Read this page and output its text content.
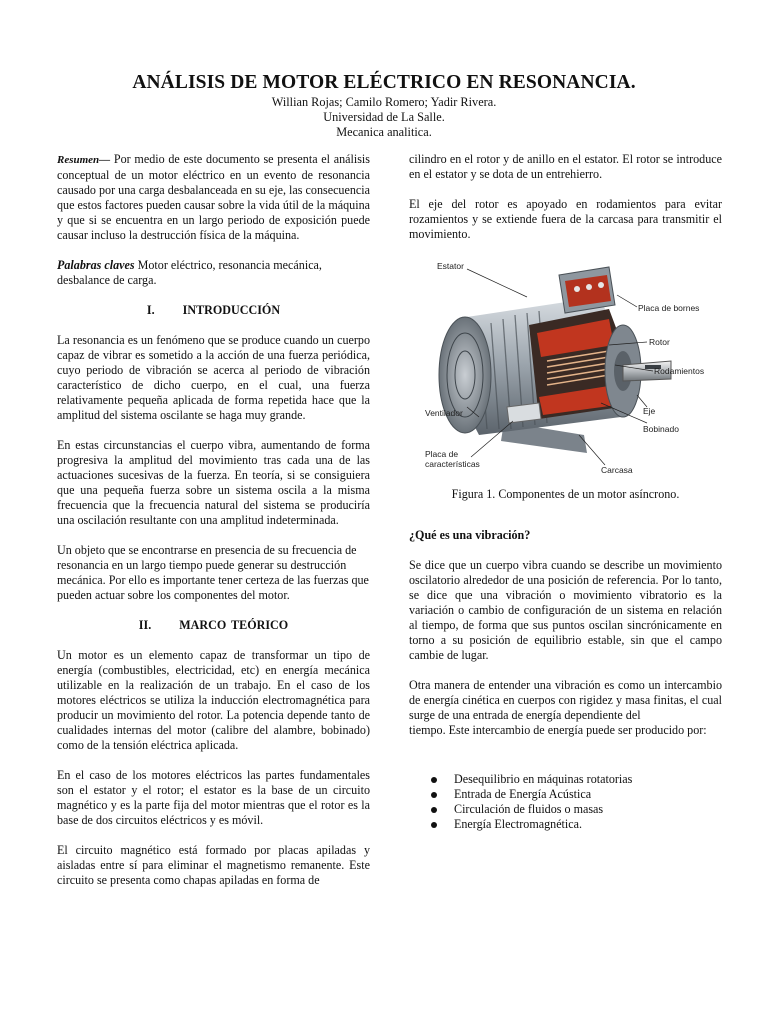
ANÁLISIS DE MOTOR ELÉCTRICO EN RESONANCIA.
Willian Rojas; Camilo Romero; Yadir Rivera.
Universidad de La Salle.
Mecanica analitica.

Resumen— Por medio de este documento se presenta el análisis conceptual de un motor eléctrico en un evento de resonancia causado por una carga desbalanceada en su eje, las consecuencia que estos factores pueden causar sobre la vida útil de la máquina y que si se encuentra en un largo periodo de exposición puede causar incluso la destrucción física de la máquina.

Palabras claves Motor eléctrico, resonancia mecánica, desbalance de carga.

I. INTRODUCCIÓN

La resonancia es un fenómeno que se produce cuando un cuerpo capaz de vibrar es sometido a la acción de una fuerza periódica, cuyo periodo de vibración se acerca al periodo de vibración característico de dicho cuerpo, en el cual, una fuerza relativamente pequeña aplicada de forma repetida hace que la amplitud del sistema oscilante se haga muy grande.

En estas circunstancias el cuerpo vibra, aumentando de forma progresiva la amplitud del movimiento tras cada una de las actuaciones sucesivas de la fuerza. En teoría, si se consiguiera que una pequeña fuerza sobre un sistema oscila a la misma frecuencia que la frecuencia natural del sistema se produciría una oscilación resultante con una amplitud indeterminada.

Un objeto que se encontrarse en presencia de su frecuencia de resonancia en un largo tiempo puede generar su destrucción mecánica. Por ello es importante tener certeza de las fuerzas que pueden actuar sobre los componentes del motor.

II. MARCO TEÓRICO

Un motor es un elemento capaz de transformar un tipo de energía (combustibles, electricidad, etc) en energía mecánica utilizable en la realización de un trabajo. En el caso de los motores eléctricos se utiliza la inducción electromagnética para producir un movimiento del rotor. La potencia depende tanto de cualidades internas del motor (calibre del alambre, bobinado) como de la tensión eléctrica aplicada.

En el caso de los motores eléctricos las partes fundamentales son el estator y el rotor; el estator es la base de un circuito magnético y es la parte fija del motor mientras que el rotor es la base de dos circuitos eléctricos y es móvil.

El circuito magnético está formado por placas apiladas y aisladas entre sí para eliminar el magnetismo remanente. Este circuito se presenta como chapas apiladas en forma de

cilindro en el rotor y de anillo en el estator. El rotor se introduce en el estator y se dota de un entrehierro.

El eje del rotor es apoyado en rodamientos para evitar rozamientos y se extiende fuera de la carcasa para transmitir el movimiento.

Estator
Placa de bornes
Rotor
Rodamientos
Ventilador	Eje
Bobinado
Placa de
características
Carcasa
Figura 1. Componentes de un motor asíncrono.
¿Qué es una vibración?

Se dice que un cuerpo vibra cuando se describe un movimiento oscilatorio alrededor de una posición de referencia. Por lo tanto, se dice que una vibración o movimiento vibratorio es la variación o cambio de configuración de un sistema en relación al tiempo, de forma que sus puntos oscilan sincrónicamente en torno a su posición de equilibrio estable, sin que el campo cambie de lugar.

Otra manera de entender una vibración es como un intercambio de energía cinética en cuerpos con rigidez y masa finitas, el cual surge de una entrada de energía dependiente del

tiempo. Este intercambio de energía puede ser producido por:

Desequilibrio en máquinas rotatorias
Entrada de Energía Acústica
Circulación de fluidos o masas
Energía Electromagnética.
